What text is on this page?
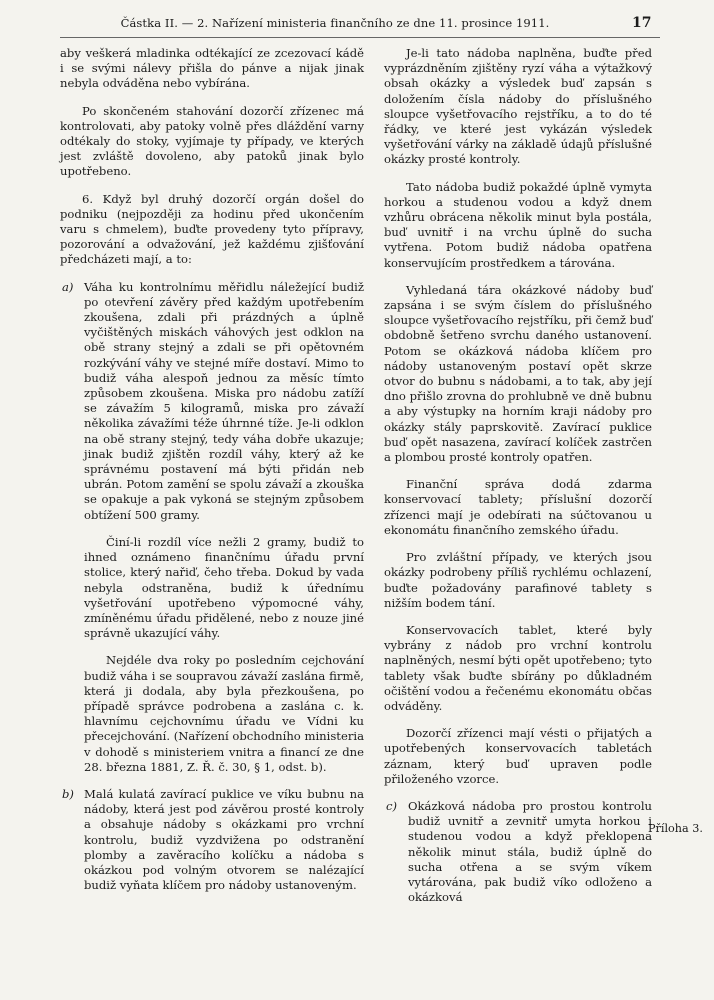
Částka II. — 2. Nařízení ministeria finančního ze dne 11. prosince 1911.	17

aby veškerá mladinka odtékající ze zcezovací kádě i se svými nálevy přišla do pánve a nijak jinak nebyla odváděna nebo vybírána.

Po skončeném stahování dozorčí zřízenec má kontrolovati, aby patoky volně přes dláždění varny odtékaly do stoky, vyjímaje ty případy, ve kterých jest zvláště dovoleno, aby patoků jinak bylo upotřebeno.

6. Když byl druhý dozorčí orgán došel do podniku (nejpozději za hodinu před ukončením varu s chmelem), buďte provedeny tyto přípravy, pozorování a odvažování, jež každému zjišťování předcházeti mají, a to:

a) Váha ku kontrolnímu měřidlu náležející budiž po otevření závěry před každým upotřebením zkoušena, zdali při prázdných a úplně vyčištěných miskách váhových jest odklon na obě strany stejný a zdali se při opětovném rozkývání váhy ve stejné míře dostaví. Mimo to budiž váha alespoň jednou za měsíc tímto způsobem zkoušena. Miska pro nádobu zatíží se závažím 5 kilogramů, miska pro závaží několika závažími téže úhrnné tíže. Je-li odklon na obě strany stejný, tedy váha dobře ukazuje; jinak budiž zjištěn rozdíl váhy, který až ke správnému postavení má býti přidán neb ubrán. Potom zamění se spolu závaží a zkouška se opakuje a pak vykoná se stejným způsobem obtížení 500 gramy.

Činí-li rozdíl více nežli 2 gramy, budiž to ihned oznámeno finančnímu úřadu první stolice, který nařiď, čeho třeba. Dokud by vada nebyla odstraněna, budiž k úřednímu vyšetřování upotřebeno výpomocné váhy, zmíněnému úřadu přidělené, nebo z nouze jiné správně ukazující váhy.

Nejdéle dva roky po posledním cejchování budiž váha i se soupravou závaží zaslána firmě, která ji dodala, aby byla přezkoušena, po případě správce podrobena a zaslána c. k. hlavnímu cejchovnímu úřadu ve Vídni ku přecejchování. (Nařízení obchodního ministeria v dohodě s ministeriem vnitra a financí ze dne 28. března 1881, Z. Ř. č. 30, § 1, odst. b).

b) Malá kulatá zavírací puklice ve víku bubnu na nádoby, která jest pod závěrou prosté kontroly a obsahuje nádoby s okázkami pro vrchní kontrolu, budiž vyzdvižena po odstranění plomby a zavěracího kolíčku a nádoba s okázkou pod volným otvorem se nalézající budiž vyňata klíčem pro nádoby ustanoveným.

Je-li tato nádoba naplněna, buďte před vyprázdněním zjištěny ryzí váha a výtažkový obsah okázky a výsledek buď zapsán s doložením čísla nádoby do příslušného sloupce vyšetřovacího rejstříku, a to do té řádky, ve které jest vykázán výsledek vyšetřování várky na základě údajů příslušné okázky prosté kontroly.

Tato nádoba budiž pokaždé úplně vymyta horkou a studenou vodou a když dnem vzhůru obrácena několik minut byla postála, buď uvnitř i na vrchu úplně do sucha vytřena. Potom budiž nádoba opatřena konservujícím prostředkem a tárována.

Vyhledaná tára okázkové nádoby buď zapsána i se svým číslem do příslušného sloupce vyšetřovacího rejstříku, při čemž buď obdobně šetřeno svrchu daného ustanovení. Potom se okázková nádoba klíčem pro nádoby ustanoveným postaví opět skrze otvor do bubnu s nádobami, a to tak, aby její dno přišlo zrovna do prohlubně ve dně bubnu a aby výstupky na horním kraji nádoby pro okázky stály paprskovitě. Zavírací puklice buď opět nasazena, zavírací kolíček zastrčen a plombou prosté kontroly opatřen.

Finanční správa dodá zdarma konservovací tablety; příslušní dozorčí zřízenci mají je odebírati na súčtovanou u ekonomátu finančního zemského úřadu.

Pro zvláštní případy, ve kterých jsou okázky podrobeny příliš rychlému ochlazení, buďte požadovány parafinové tablety s nižším bodem tání.

Konservovacích tablet, které byly vybrány z nádob pro vrchní kontrolu naplněných, nesmí býti opět upotřebeno; tyto tablety však buďte sbírány po důkladném očištění vodou a řečenému ekonomátu občas odváděny.

Dozorčí zřízenci mají vésti o přijatých a upotřebených konservovacích tabletách záznam, který buď upraven podle přiloženého vzorce.

c) Okázková nádoba pro prostou kontrolu budiž uvnitř a zevnitř umyta horkou i studenou vodou a když překlopena několik minut stála, budiž úplně do sucha otřena a se svým víkem vytárována, pak budiž víko odloženo a okázková

Příloha 3.
